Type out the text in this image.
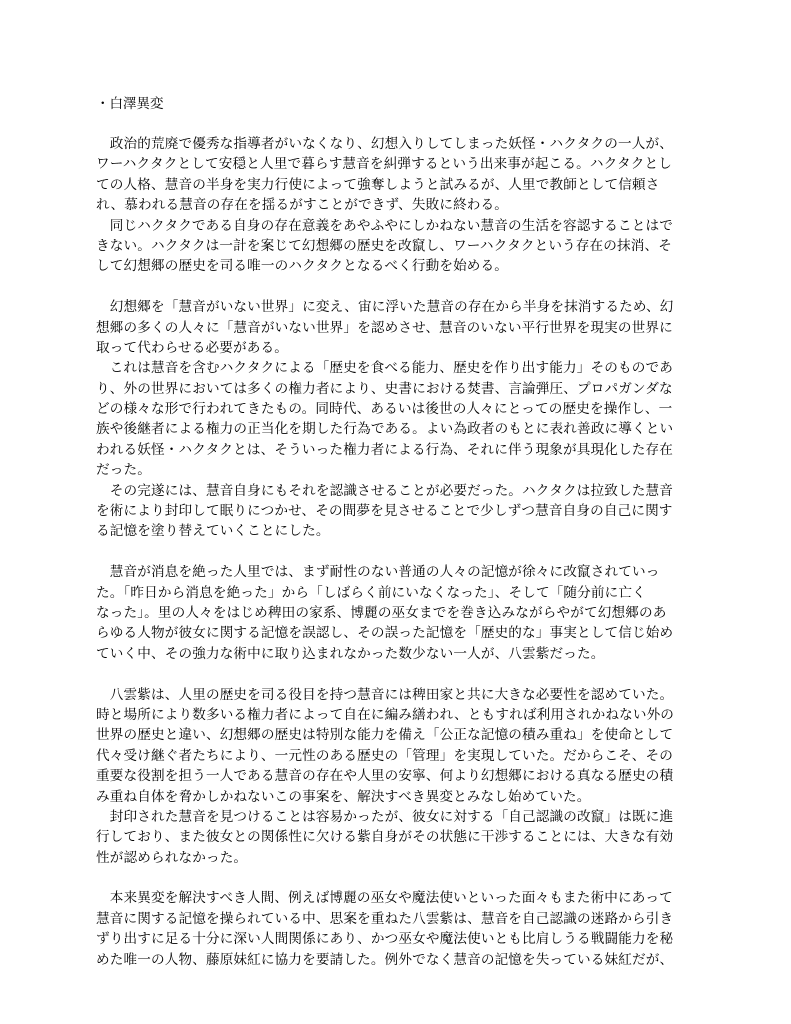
・白澤異変
　政治的荒廃で優秀な指導者がいなくなり、幻想入りしてしまった妖怪・ハクタクの一人が、
ワーハクタクとして安穏と人里で暮らす慧音を糾弾するという出来事が起こる。ハクタクとし
ての人格、慧音の半身を実力行使によって強奪しようと試みるが、人里で教師として信頼さ
れ、慕われる慧音の存在を揺るがすことができず、失敗に終わる。
　同じハクタクである自身の存在意義をあやふやにしかねない慧音の生活を容認することはで
きない。ハクタクは一計を案じて幻想郷の歴史を改竄し、ワーハクタクという存在の抹消、そ
して幻想郷の歴史を司る唯一のハクタクとなるべく行動を始める。
　幻想郷を「慧音がいない世界」に変え、宙に浮いた慧音の存在から半身を抹消するため、幻
想郷の多くの人々に「慧音がいない世界」を認めさせ、慧音のいない平行世界を現実の世界に
取って代わらせる必要がある。
　これは慧音を含むハクタクによる「歴史を食べる能力、歴史を作り出す能力」そのものであ
り、外の世界においては多くの権力者により、史書における焚書、言論弾圧、プロパガンダな
どの様々な形で行われてきたもの。同時代、あるいは後世の人々にとっての歴史を操作し、一
族や後継者による権力の正当化を期した行為である。よい為政者のもとに表れ善政に導くとい
われる妖怪・ハクタクとは、そういった権力者による行為、それに伴う現象が具現化した存在
だった。
　その完遂には、慧音自身にもそれを認識させることが必要だった。ハクタクは拉致した慧音
を術により封印して眠りにつかせ、その間夢を見させることで少しずつ慧音自身の自己に関す
る記憶を塗り替えていくことにした。
　慧音が消息を絶った人里では、まず耐性のない普通の人々の記憶が徐々に改竄されていっ
た。「昨日から消息を絶った」から「しばらく前にいなくなった」、そして「随分前に亡く
なった」。里の人々をはじめ稗田の家系、博麗の巫女までを巻き込みながらやがて幻想郷のあ
らゆる人物が彼女に関する記憶を誤認し、その誤った記憶を「歴史的な」事実として信じ始め
ていく中、その強力な術中に取り込まれなかった数少ない一人が、八雲紫だった。
　八雲紫は、人里の歴史を司る役目を持つ慧音には稗田家と共に大きな必要性を認めていた。
時と場所により数多いる権力者によって自在に編み繕われ、ともすれば利用されかねない外の
世界の歴史と違い、幻想郷の歴史は特別な能力を備え「公正な記憶の積み重ね」を使命として
代々受け継ぐ者たちにより、一元性のある歴史の「管理」を実現していた。だからこそ、その
重要な役割を担う一人である慧音の存在や人里の安寧、何より幻想郷における真なる歴史の積
み重ね自体を脅かしかねないこの事案を、解決すべき異変とみなし始めていた。
　封印された慧音を見つけることは容易かったが、彼女に対する「自己認識の改竄」は既に進
行しており、また彼女との関係性に欠ける紫自身がその状態に干渉することには、大きな有効
性が認められなかった。
　本来異変を解決すべき人間、例えば博麗の巫女や魔法使いといった面々もまた術中にあって
慧音に関する記憶を操られている中、思案を重ねた八雲紫は、慧音を自己認識の迷路から引き
ずり出すに足る十分に深い人間関係にあり、かつ巫女や魔法使いとも比肩しうる戦闘能力を秘
めた唯一の人物、藤原妹紅に協力を要請した。例外でなく慧音の記憶を失っている妹紅だが、
